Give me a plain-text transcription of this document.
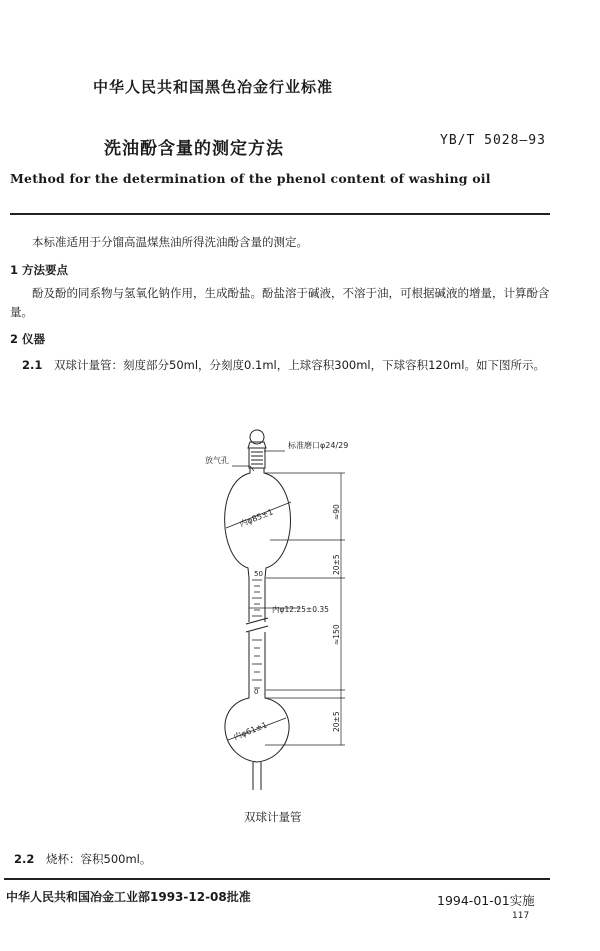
中华人民共和国黑色冶金行业标准
洗油酚含量的测定方法	YB/T 5028—93
Method for the determination of the phenol content of washing oil
本标准适用于分馏高温煤焦油所得洗油酚含量的测定。
1 方法要点
酚及酚的同系物与氢氧化钠作用，生成酚盐。酚盐溶于碱液，不溶于油，可根据碱液的增量，计算酚含量。
2 仪器
2.1 双球计量管：刻度部分50ml，分刻度0.1ml，上球容积300ml，下球容积120ml。如下图所示。
放气孔
标准磨口φ24/29
内φ85±1
内φ12.25±0.35
内φ61±1
≈90
20±5
≈150
20±5
50
0
双球计量管
2.2 烧杯：容积500ml。
中华人民共和国冶金工业部1993-12-08批准	1994-01-01实施
117
